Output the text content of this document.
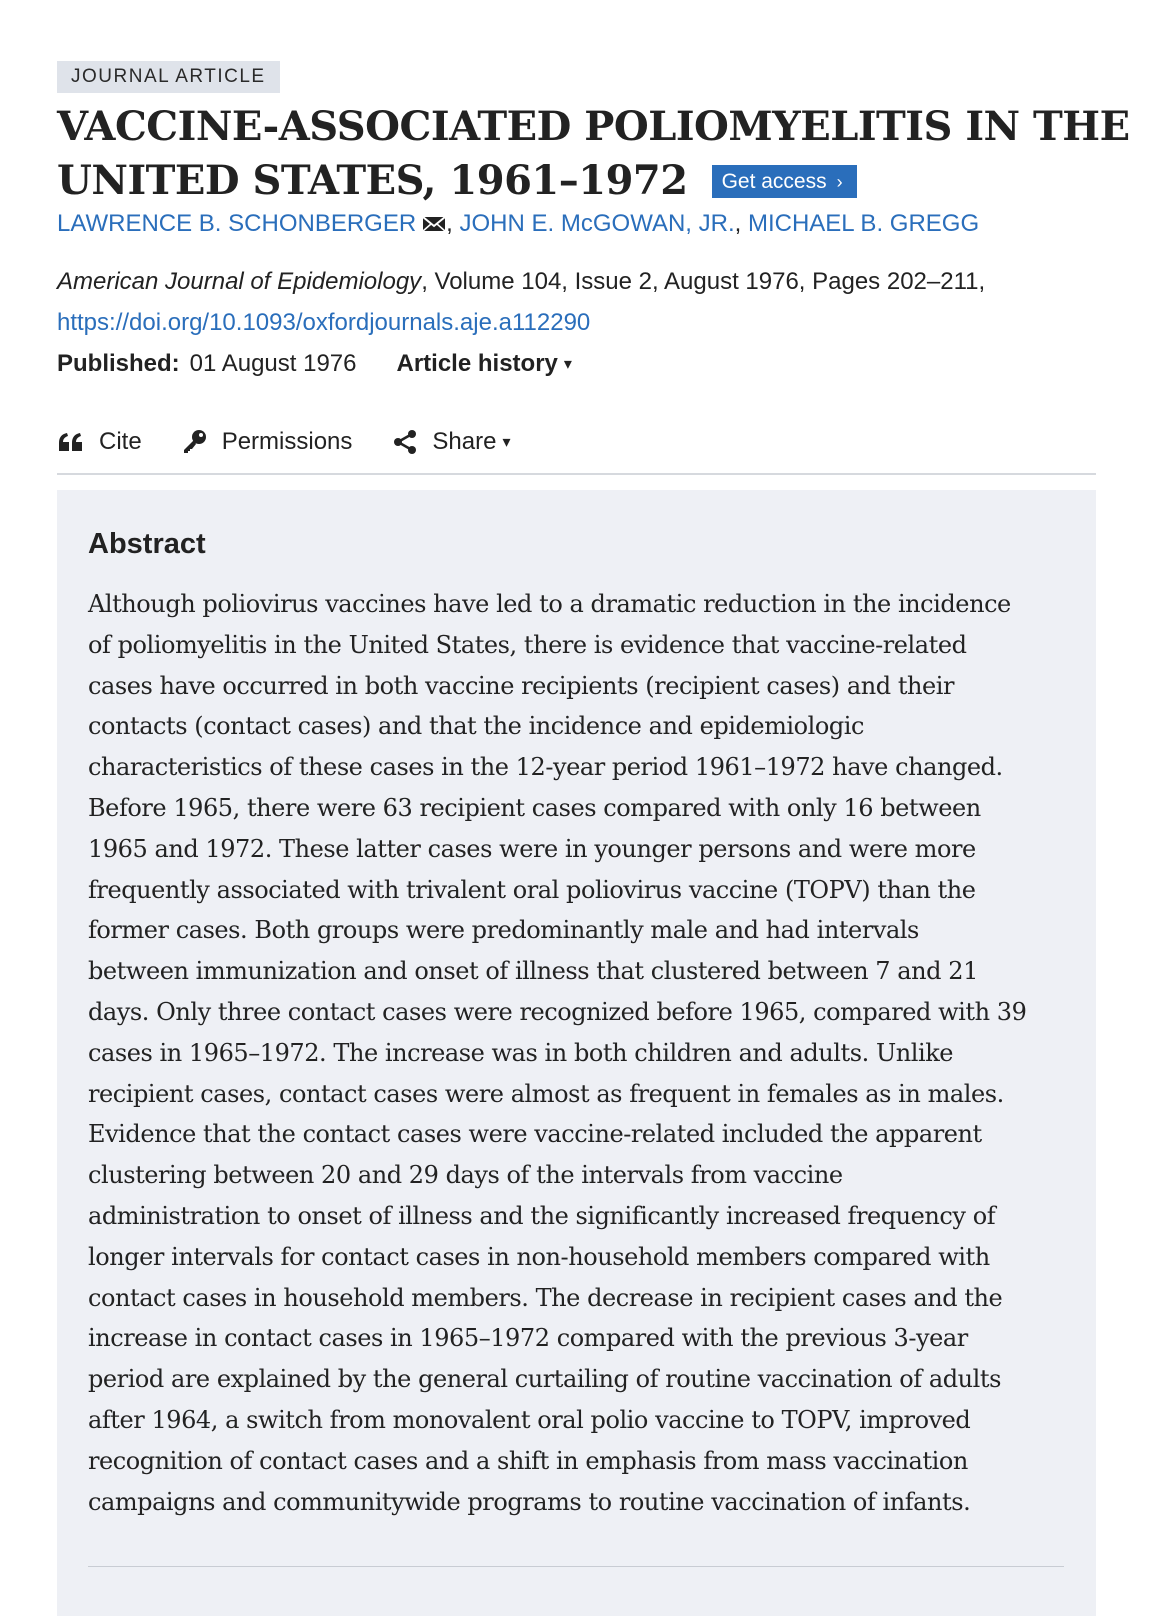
JOURNAL ARTICLE
VACCINE-ASSOCIATED POLIOMYELITIS IN THE
UNITED STATES, 1961–1972 Get access ›
LAWRENCE B. SCHONBERGER , JOHN E. McGOWAN, JR., MICHAEL B. GREGG
American Journal of Epidemiology, Volume 104, Issue 2, August 1976, Pages 202–211,
https://doi.org/10.1093/oxfordjournals.aje.a112290
Published: 01 August 1976 Article history ▾
Cite	Permissions	Share ▾
Abstract

Although poliovirus vaccines have led to a dramatic reduction in the incidence
of poliomyelitis in the United States, there is evidence that vaccine-related
cases have occurred in both vaccine recipients (recipient cases) and their
contacts (contact cases) and that the incidence and epidemiologic
characteristics of these cases in the 12-year period 1961–1972 have changed.
Before 1965, there were 63 recipient cases compared with only 16 between
1965 and 1972. These latter cases were in younger persons and were more
frequently associated with trivalent oral poliovirus vaccine (TOPV) than the
former cases. Both groups were predominantly male and had intervals
between immunization and onset of illness that clustered between 7 and 21
days. Only three contact cases were recognized before 1965, compared with 39
cases in 1965–1972. The increase was in both children and adults. Unlike
recipient cases, contact cases were almost as frequent in females as in males.
Evidence that the contact cases were vaccine-related included the apparent
clustering between 20 and 29 days of the intervals from vaccine
administration to onset of illness and the significantly increased frequency of
longer intervals for contact cases in non-household members compared with
contact cases in household members. The decrease in recipient cases and the
increase in contact cases in 1965–1972 compared with the previous 3-year
period are explained by the general curtailing of routine vaccination of adults
after 1964, a switch from monovalent oral polio vaccine to TOPV, improved
recognition of contact cases and a shift in emphasis from mass vaccination
campaigns and communitywide programs to routine vaccination of infants.
